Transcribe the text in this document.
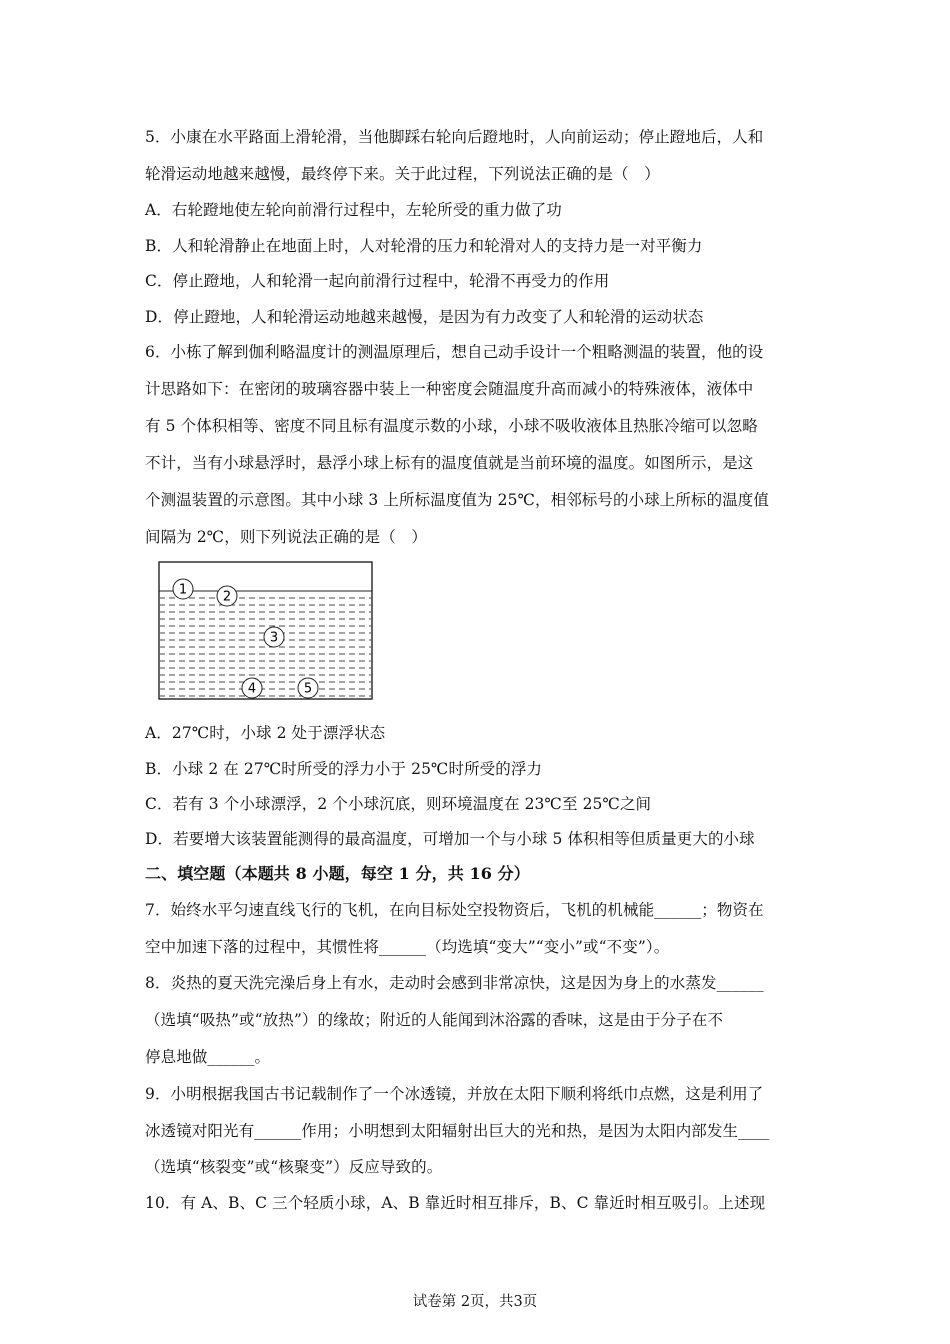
5．小康在水平路面上滑轮滑，当他脚踩右轮向后蹬地时，人向前运动；停止蹬地后，人和
轮滑运动地越来越慢，最终停下来。关于此过程，下列说法正确的是（　）
A．右轮蹬地使左轮向前滑行过程中，左轮所受的重力做了功
B．人和轮滑静止在地面上时，人对轮滑的压力和轮滑对人的支持力是一对平衡力
C．停止蹬地，人和轮滑一起向前滑行过程中，轮滑不再受力的作用
D．停止蹬地，人和轮滑运动地越来越慢，是因为有力改变了人和轮滑的运动状态
6．小栋了解到伽利略温度计的测温原理后，想自己动手设计一个粗略测温的装置，他的设
计思路如下：在密闭的玻璃容器中装上一种密度会随温度升高而减小的特殊液体，液体中
有 5 个体积相等、密度不同且标有温度示数的小球，小球不吸收液体且热胀冷缩可以忽略
不计，当有小球悬浮时，悬浮小球上标有的温度值就是当前环境的温度。如图所示，是这
个测温装置的示意图。其中小球 3 上所标温度值为 25℃，相邻标号的小球上所标的温度值
间隔为 2℃，则下列说法正确的是（　）
1	2
3
4	5
A．27℃时，小球 2 处于漂浮状态
B．小球 2 在 27℃时所受的浮力小于 25℃时所受的浮力
C．若有 3 个小球漂浮，2 个小球沉底，则环境温度在 23℃至 25℃之间
D．若要增大该装置能测得的最高温度，可增加一个与小球 5 体积相等但质量更大的小球
二、填空题（本题共 8 小题，每空 1 分，共 16 分）
7．始终水平匀速直线飞行的飞机，在向目标处空投物资后，飞机的机械能______；物资在
空中加速下落的过程中，其惯性将______（均选填“变大”“变小”或“不变”）。
8．炎热的夏天洗完澡后身上有水，走动时会感到非常凉快，这是因为身上的水蒸发______
（选填“吸热”或“放热”）的缘故；附近的人能闻到沐浴露的香味，这是由于分子在不
停息地做______。
9．小明根据我国古书记载制作了一个冰透镜，并放在太阳下顺利将纸巾点燃，这是利用了
冰透镜对阳光有______作用；小明想到太阳辐射出巨大的光和热，是因为太阳内部发生____
（选填“核裂变”或“核聚变”）反应导致的。
10．有 A、B、C 三个轻质小球，A、B 靠近时相互排斥，B、C 靠近时相互吸引。上述现
试卷第 2页，共3页
